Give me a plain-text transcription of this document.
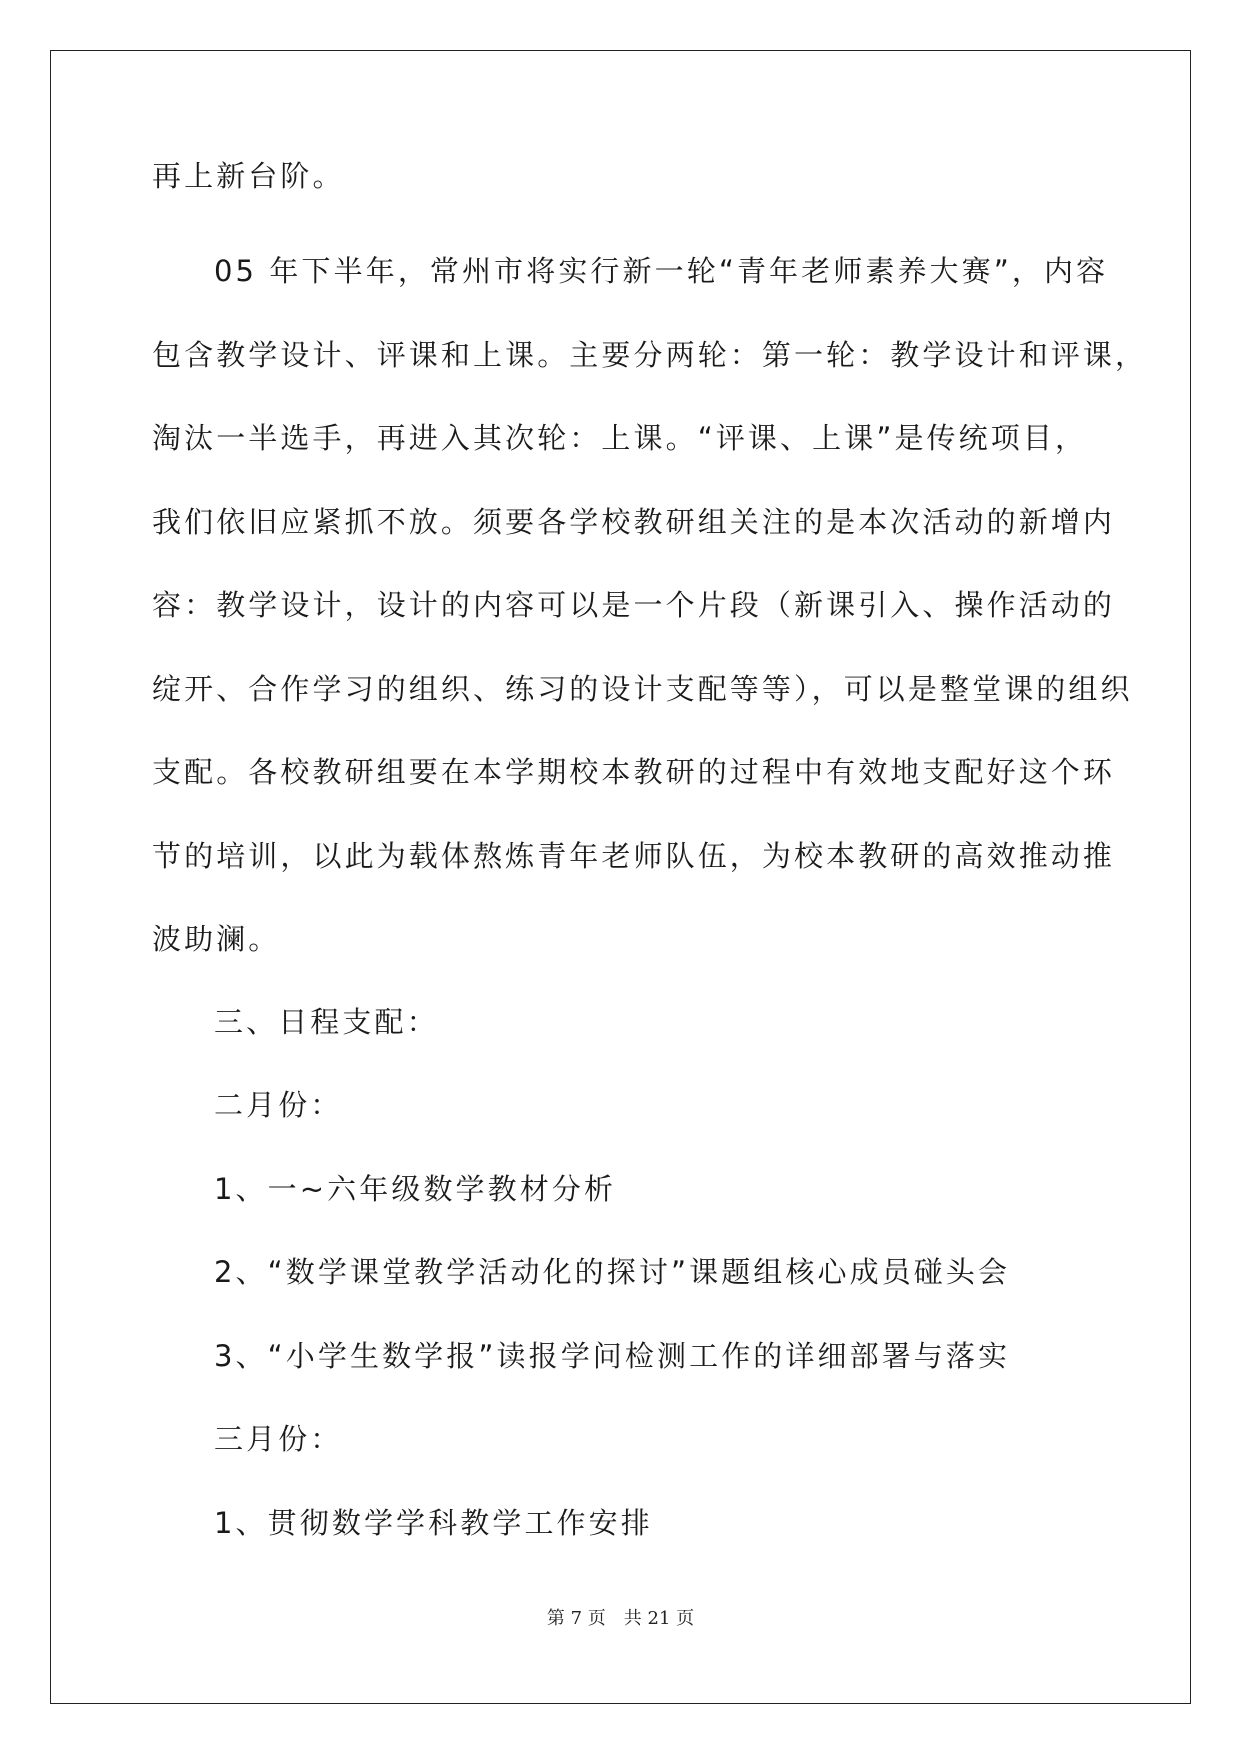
再上新台阶。
05 年下半年，常州市将实行新一轮“青年老师素养大赛”，内容
包含教学设计、评课和上课。主要分两轮：第一轮：教学设计和评课，
淘汰一半选手，再进入其次轮：上课。“评课、上课”是传统项目，
我们依旧应紧抓不放。须要各学校教研组关注的是本次活动的新增内
容：教学设计，设计的内容可以是一个片段（新课引入、操作活动的
绽开、合作学习的组织、练习的设计支配等等），可以是整堂课的组织
支配。各校教研组要在本学期校本教研的过程中有效地支配好这个环
节的培训，以此为载体熬炼青年老师队伍，为校本教研的高效推动推
波助澜。
三、日程支配：
二月份：
1、一~六年级数学教材分析
2、“数学课堂教学活动化的探讨”课题组核心成员碰头会
3、“小学生数学报”读报学问检测工作的详细部署与落实
三月份：
1、贯彻数学学科教学工作安排
第 7 页　共 21 页
